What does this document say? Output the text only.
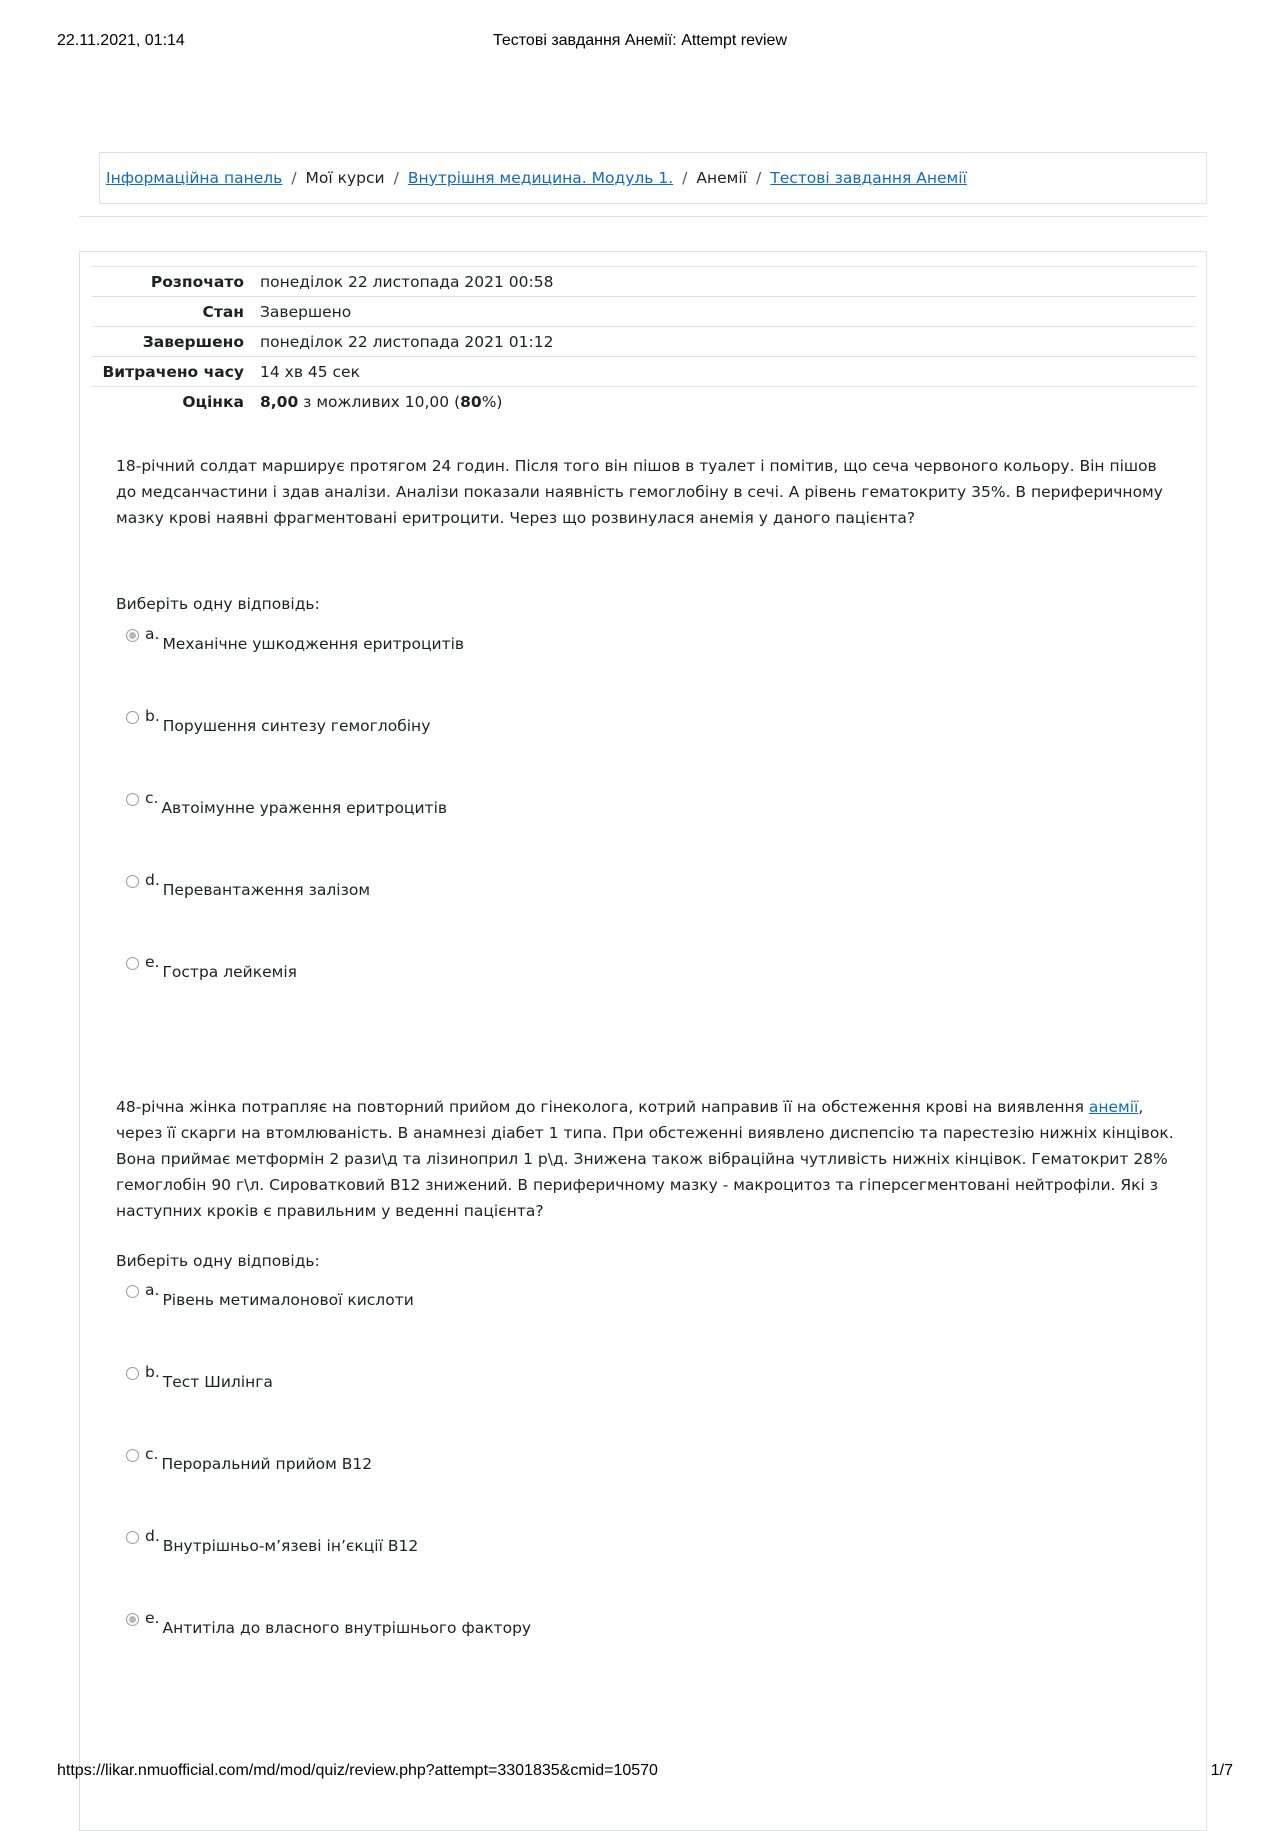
22.11.2021, 01:14	Тестові завдання Анемії: Attempt review
Інформаційна панель / Мої курси / Внутрішня медицина. Модуль 1. / Анемії / Тестові завдання Анемії
Розпочато	понеділок 22 листопада 2021 00:58
Стан	Завершено
Завершено	понеділок 22 листопада 2021 01:12
Витрачено часу	14 хв 45 сек
Оцінка	8,00 з можливих 10,00 (80%)

18-річний солдат марширує протягом 24 годин. Після того він пішов в туалет і помітив, що сеча червоного кольору. Він пішов до медсанчастини і здав аналізи. Аналізи показали наявність гемоглобіну в сечі. А рівень гематокриту 35%. В периферичному мазку крові наявні фрагментовані еритроцити. Через що розвинулася анемія у даного пацієнта?

Виберіть одну відповідь:
a.
Механічне ушкодження еритроцитів
b.
Порушення синтезу гемоглобіну
c.
Автоімунне ураження еритроцитів
d.
Перевантаження залізом
e.
Гостра лейкемія

48-річна жінка потрапляє на повторний прийом до гінеколога, котрий направив її на обстеження крові на виявлення анемії, через її скарги на втомлюваність. В анамнезі діабет 1 типа. При обстеженні виявлено диспепсію та парестезію нижніх кінцівок. Вона приймає метформін 2 рази\д та лізиноприл 1 р\д. Знижена також вібраційна чутливість нижніх кінцівок. Гематокрит 28% гемоглобін 90 г\л. Сироватковий В12 знижений. В периферичному мазку - макроцитоз та гіперсегментовані нейтрофіли. Які з наступних кроків є правильним у веденні пацієнта?

Виберіть одну відповідь:
a.
Рівень метималонової кислоти
b.
Тест Шилінга
c.
Пероральний прийом В12
d.
Внутрішньо-м’язеві ін’єкції В12
e.
Антитіла до власного внутрішнього фактору
https://likar.nmuofficial.com/md/mod/quiz/review.php?attempt=3301835&cmid=10570	1/7
